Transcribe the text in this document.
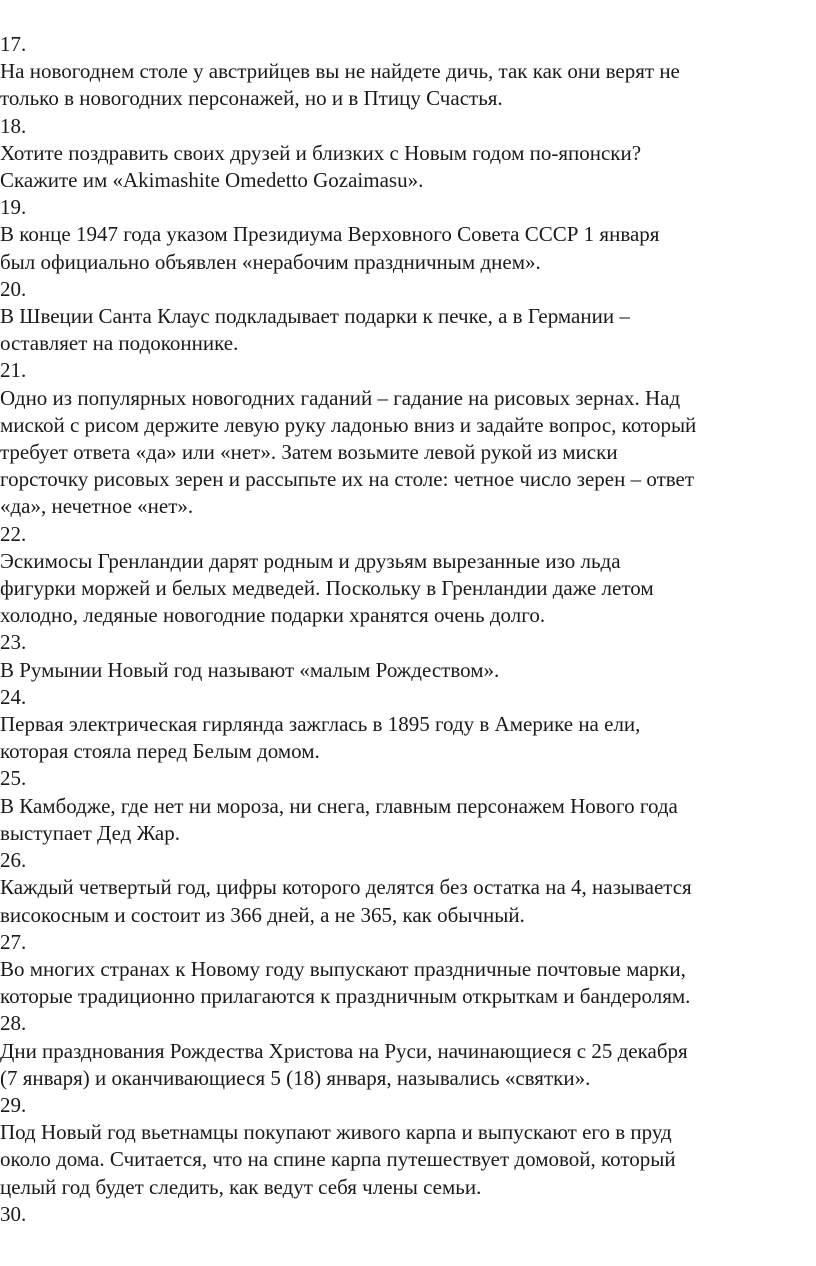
17.
На новогоднем столе у австрийцев вы не найдете дичь, так как они верят не
только в новогодних персонажей, но и в Птицу Счастья.
18.
Хотите поздравить своих друзей и близких с Новым годом по-японски?
Скажите им «Akimashite Omedetto Gozaimasu».
19.
В конце 1947 года указом Президиума Верховного Совета СССР 1 января
был официально объявлен «нерабочим праздничным днем».
20.
В Швеции Санта Клаус подкладывает подарки к печке, а в Германии –
оставляет на подоконнике.
21.
Одно из популярных новогодних гаданий – гадание на рисовых зернах. Над
миской с рисом держите левую руку ладонью вниз и задайте вопрос, который
требует ответа «да» или «нет». Затем возьмите левой рукой из миски
горсточку рисовых зерен и рассыпьте их на столе: четное число зерен – ответ
«да», нечетное «нет».
22.
Эскимосы Гренландии дарят родным и друзьям вырезанные изо льда
фигурки моржей и белых медведей. Поскольку в Гренландии даже летом
холодно, ледяные новогодние подарки хранятся очень долго.
23.
В Румынии Новый год называют «малым Рождеством».
24.
Первая электрическая гирлянда зажглась в 1895 году в Америке на ели,
которая стояла перед Белым домом.
25.
В Камбодже, где нет ни мороза, ни снега, главным персонажем Нового года
выступает Дед Жар.
26.
Каждый четвертый год, цифры которого делятся без остатка на 4, называется
високосным и состоит из 366 дней, а не 365, как обычный.
27.
Во многих странах к Новому году выпускают праздничные почтовые марки,
которые традиционно прилагаются к праздничным открыткам и бандеролям.
28.
Дни празднования Рождества Христова на Руси, начинающиеся с 25 декабря
(7 января) и оканчивающиеся 5 (18) января, назывались «святки».
29.
Под Новый год вьетнамцы покупают живого карпа и выпускают его в пруд
около дома. Считается, что на спине карпа путешествует домовой, который
целый год будет следить, как ведут себя члены семьи.
30.
